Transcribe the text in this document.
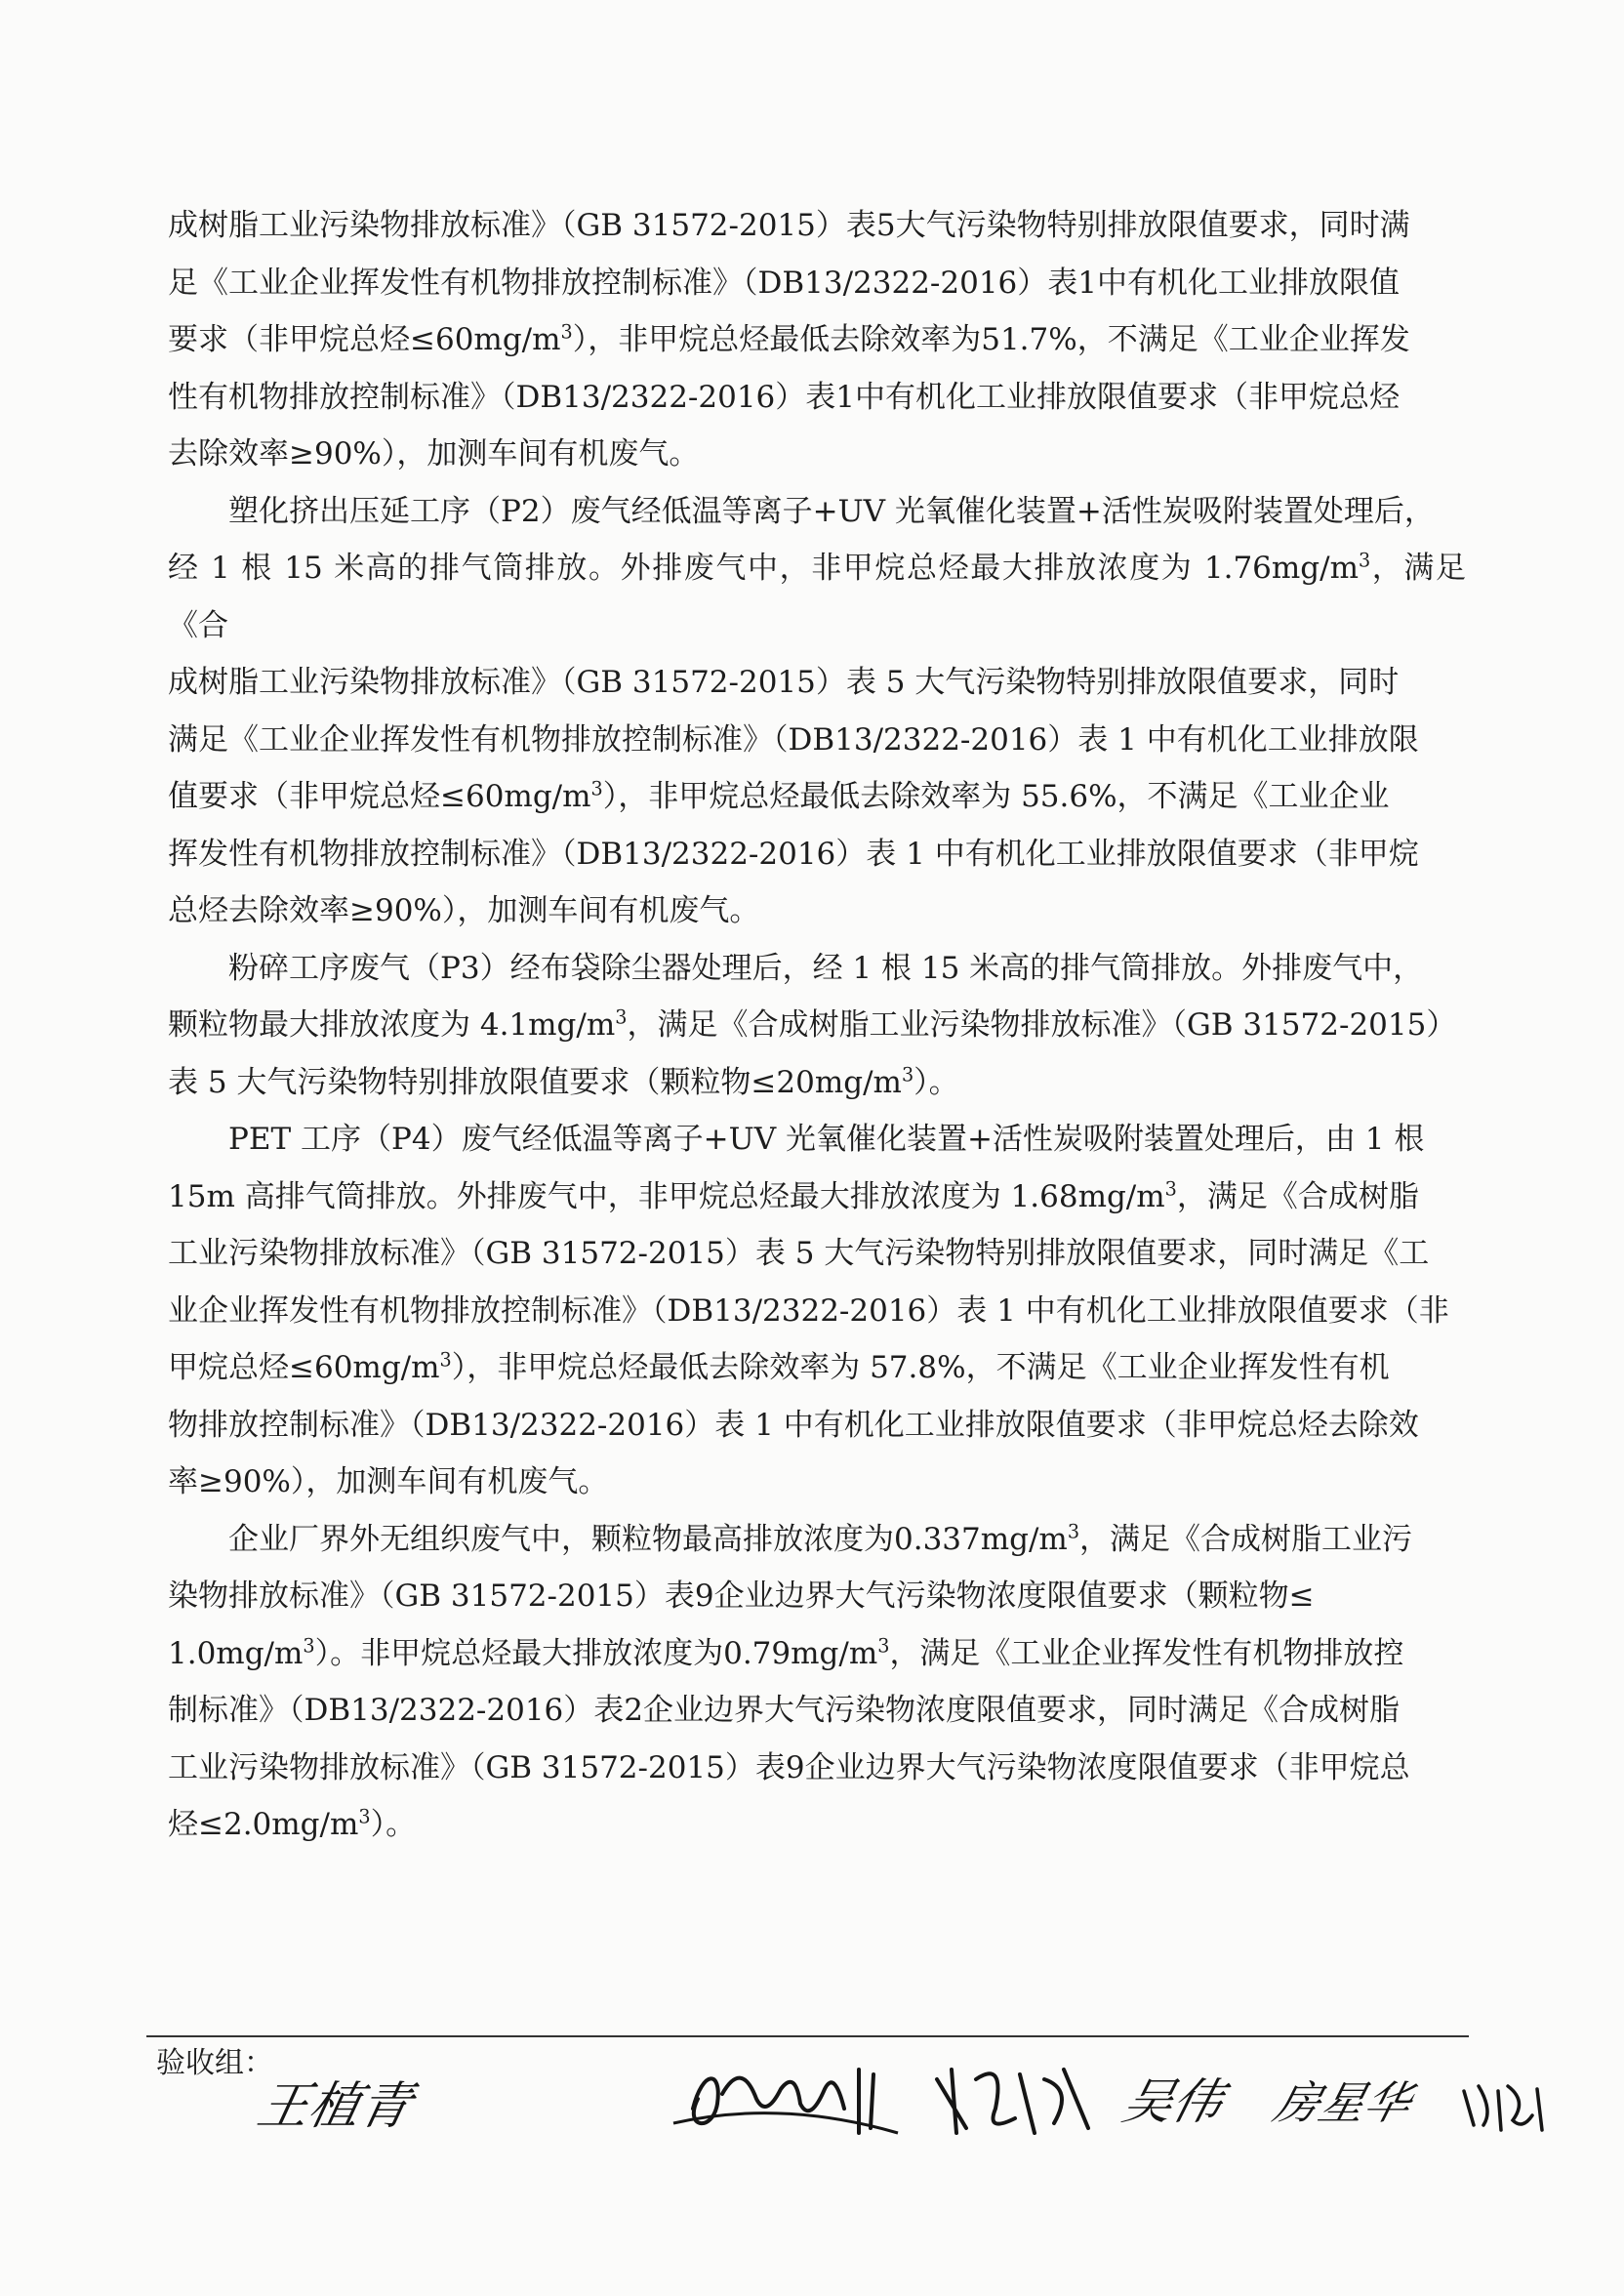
成树脂工业污染物排放标准》（GB 31572-2015）表5大气污染物特别排放限值要求，同时满
足《工业企业挥发性有机物排放控制标准》（DB13/2322-2016）表1中有机化工业排放限值
要求（非甲烷总烃$\le 60mg/m^3$），非甲烷总烃最低去除效率为51.7%，不满足《工业企业挥发
性有机物排放控制标准》（DB13/2322-2016）表1中有机化工业排放限值要求（非甲烷总烃
去除效率≥90%），加测车间有机废气。

塑化挤出压延工序（P2）废气经低温等离子+UV 光氧催化装置+活性炭吸附装置处理后，
经 1 根 15 米高的排气筒排放。外排废气中，非甲烷总烃最大排放浓度为 $1.76mg/m^3$，满足《合
成树脂工业污染物排放标准》（GB 31572-2015）表 5 大气污染物特别排放限值要求，同时
满足《工业企业挥发性有机物排放控制标准》（DB13/2322-2016）表 1 中有机化工业排放限
值要求（非甲烷总烃$\le 60mg/m^3$），非甲烷总烃最低去除效率为 55.6%，不满足《工业企业
挥发性有机物排放控制标准》（DB13/2322-2016）表 1 中有机化工业排放限值要求（非甲烷
总烃去除效率≥90%），加测车间有机废气。

粉碎工序废气（P3）经布袋除尘器处理后，经 1 根 15 米高的排气筒排放。外排废气中，
颗粒物最大排放浓度为 $4.1mg/m^3$，满足《合成树脂工业污染物排放标准》（GB 31572-2015）
表 5 大气污染物特别排放限值要求（颗粒物$\le 20mg/m^3$）。

PET 工序（P4）废气经低温等离子+UV 光氧催化装置+活性炭吸附装置处理后，由 1 根
15m 高排气筒排放。外排废气中，非甲烷总烃最大排放浓度为 $1.68mg/m^3$，满足《合成树脂
工业污染物排放标准》（GB 31572-2015）表 5 大气污染物特别排放限值要求，同时满足《工
业企业挥发性有机物排放控制标准》（DB13/2322-2016）表 1 中有机化工业排放限值要求（非
甲烷总烃$\le 60mg/m^3$），非甲烷总烃最低去除效率为 57.8%，不满足《工业企业挥发性有机
物排放控制标准》（DB13/2322-2016）表 1 中有机化工业排放限值要求（非甲烷总烃去除效
率≥90%），加测车间有机废气。

企业厂界外无组织废气中，颗粒物最高排放浓度为$0.337mg/m^3$，满足《合成树脂工业污
染物排放标准》（GB 31572-2015）表9企业边界大气污染物浓度限值要求（颗粒物≤
$1.0mg/m^3$）。非甲烷总烃最大排放浓度为$0.79mg/m^3$，满足《工业企业挥发性有机物排放控
制标准》（DB13/2322-2016）表2企业边界大气污染物浓度限值要求，同时满足《合成树脂
工业污染物排放标准》（GB 31572-2015）表9企业边界大气污染物浓度限值要求（非甲烷总
烃$\le 2.0mg/m^3$）。

验收组：
王植青	吴伟 房星华
